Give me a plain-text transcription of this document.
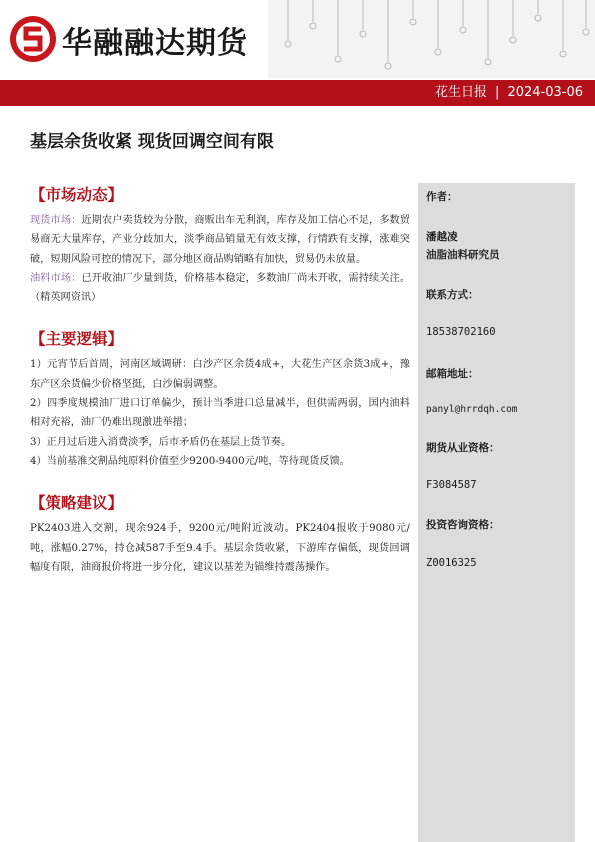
华融融达期货
花生日报 | 2024-03-06
基层余货收紧 现货回调空间有限
【市场动态】

现货市场：近期农户卖货较为分散，商贩出车无利润，库存及加工信心不足，多数贸易商无大量库存，产业分歧加大，淡季商品销量无有效支撑，行情跌有支撑，涨难突破，短期风险可控的情况下，部分地区商品购销略有加快，贸易仍未放量。

油料市场：已开收油厂少量到货，价格基本稳定，多数油厂尚未开收，需持续关注。（精英网资讯）

【主要逻辑】

1）元宵节后首周，河南区域调研：白沙产区余货4成+，大花生产区余货3成+，豫东产区余货偏少价格坚挺，白沙偏弱调整。

2）四季度规模油厂进口订单偏少，预计当季进口总量减半，但供需两弱，国内油料相对充裕，油厂仍难出现激进举措；

3）正月过后进入消费淡季，后市矛盾仍在基层上货节奏。

4）当前基准交割品纯原料价值至少9200-9400元/吨，等待现货反馈。

【策略建议】

PK2403进入交割，现余924手，9200元/吨附近波动。PK2404报收于9080元/吨，涨幅0.27%，持仓减587手至9.4手。基层余货收紧，下游库存偏低，现货回调幅度有限，油商报价将进一步分化，建议以基差为锚维持震荡操作。

作者：
潘越凌
油脂油料研究员
联系方式：
18538702160
邮箱地址：
panyl@hrrdqh.com
期货从业资格：
F3084587
投资咨询资格：
Z0016325
